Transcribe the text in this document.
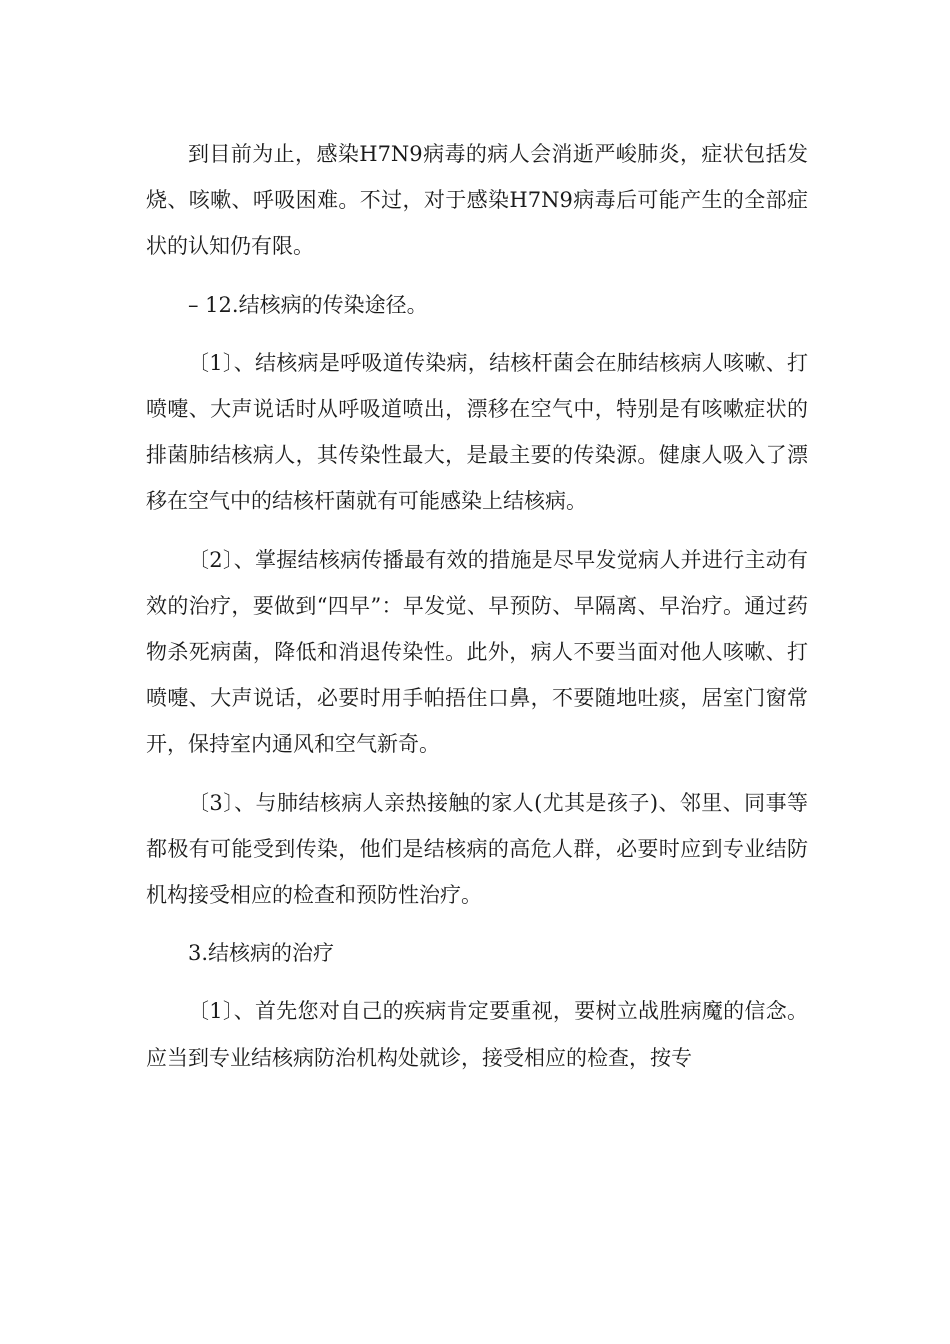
到目前为止，感染H7N9病毒的病人会消逝严峻肺炎，症状包括发烧、咳嗽、呼吸困难。不过，对于感染H7N9病毒后可能产生的全部症状的认知仍有限。

– 12.结核病的传染途径。

〔1〕、结核病是呼吸道传染病，结核杆菌会在肺结核病人咳嗽、打喷嚏、大声说话时从呼吸道喷出，漂移在空气中，特别是有咳嗽症状的排菌肺结核病人，其传染性最大，是最主要的传染源。健康人吸入了漂移在空气中的结核杆菌就有可能感染上结核病。

〔2〕、掌握结核病传播最有效的措施是尽早发觉病人并进行主动有效的治疗，要做到“四早”：早发觉、早预防、早隔离、早治疗。通过药物杀死病菌，降低和消退传染性。此外，病人不要当面对他人咳嗽、打喷嚏、大声说话，必要时用手帕捂住口鼻，不要随地吐痰，居室门窗常开，保持室内通风和空气新奇。

〔3〕、与肺结核病人亲热接触的家人(尤其是孩子)、邻里、同事等都极有可能受到传染，他们是结核病的高危人群，必要时应到专业结防机构接受相应的检查和预防性治疗。

3.结核病的治疗

〔1〕、首先您对自己的疾病肯定要重视，要树立战胜病魔的信念。应当到专业结核病防治机构处就诊，接受相应的检查，按专
